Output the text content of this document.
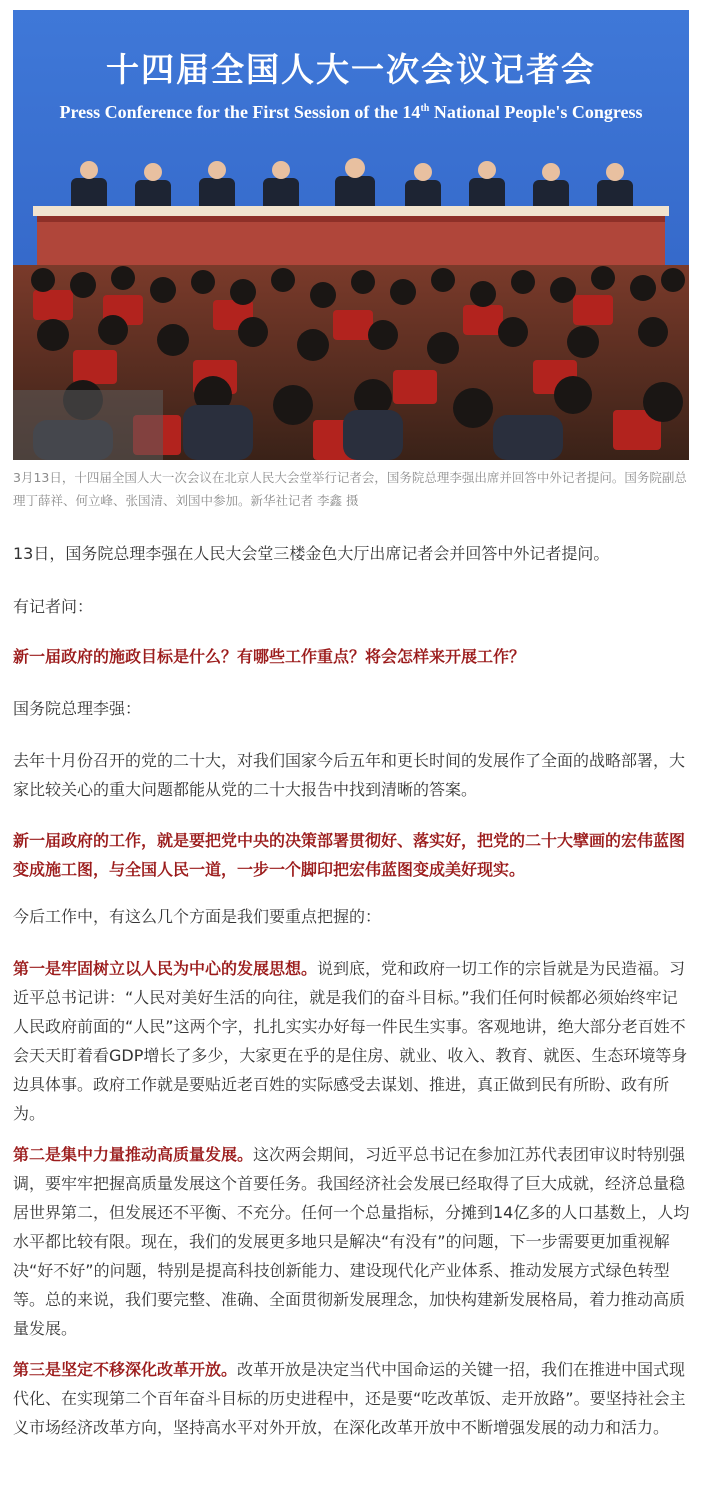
十四届全国人大一次会议记者会
Press Conference for the First Session of the 14th National People's Congress
3月13日，十四届全国人大一次会议在北京人民大会堂举行记者会，国务院总理李强出席并回答中外记者提问。国务院副总理丁薛祥、何立峰、张国清、刘国中参加。新华社记者 李鑫 摄

13日，国务院总理李强在人民大会堂三楼金色大厅出席记者会并回答中外记者提问。

有记者问：

新一届政府的施政目标是什么？有哪些工作重点？将会怎样来开展工作？

国务院总理李强：

去年十月份召开的党的二十大，对我们国家今后五年和更长时间的发展作了全面的战略部署，大家比较关心的重大问题都能从党的二十大报告中找到清晰的答案。

新一届政府的工作，就是要把党中央的决策部署贯彻好、落实好，把党的二十大擘画的宏伟蓝图变成施工图，与全国人民一道，一步一个脚印把宏伟蓝图变成美好现实。

今后工作中，有这么几个方面是我们要重点把握的：

第一是牢固树立以人民为中心的发展思想。说到底，党和政府一切工作的宗旨就是为民造福。习近平总书记讲：“人民对美好生活的向往，就是我们的奋斗目标。”我们任何时候都必须始终牢记人民政府前面的“人民”这两个字，扎扎实实办好每一件民生实事。客观地讲，绝大部分老百姓不会天天盯着看GDP增长了多少，大家更在乎的是住房、就业、收入、教育、就医、生态环境等身边具体事。政府工作就是要贴近老百姓的实际感受去谋划、推进，真正做到民有所盼、政有所为。

第二是集中力量推动高质量发展。这次两会期间，习近平总书记在参加江苏代表团审议时特别强调，要牢牢把握高质量发展这个首要任务。我国经济社会发展已经取得了巨大成就，经济总量稳居世界第二，但发展还不平衡、不充分。任何一个总量指标，分摊到14亿多的人口基数上，人均水平都比较有限。现在，我们的发展更多地只是解决“有没有”的问题，下一步需要更加重视解决“好不好”的问题，特别是提高科技创新能力、建设现代化产业体系、推动发展方式绿色转型等。总的来说，我们要完整、准确、全面贯彻新发展理念，加快构建新发展格局，着力推动高质量发展。

第三是坚定不移深化改革开放。改革开放是决定当代中国命运的关键一招，我们在推进中国式现代化、在实现第二个百年奋斗目标的历史进程中，还是要“吃改革饭、走开放路”。要坚持社会主义市场经济改革方向，坚持高水平对外开放，在深化改革开放中不断增强发展的动力和活力。
